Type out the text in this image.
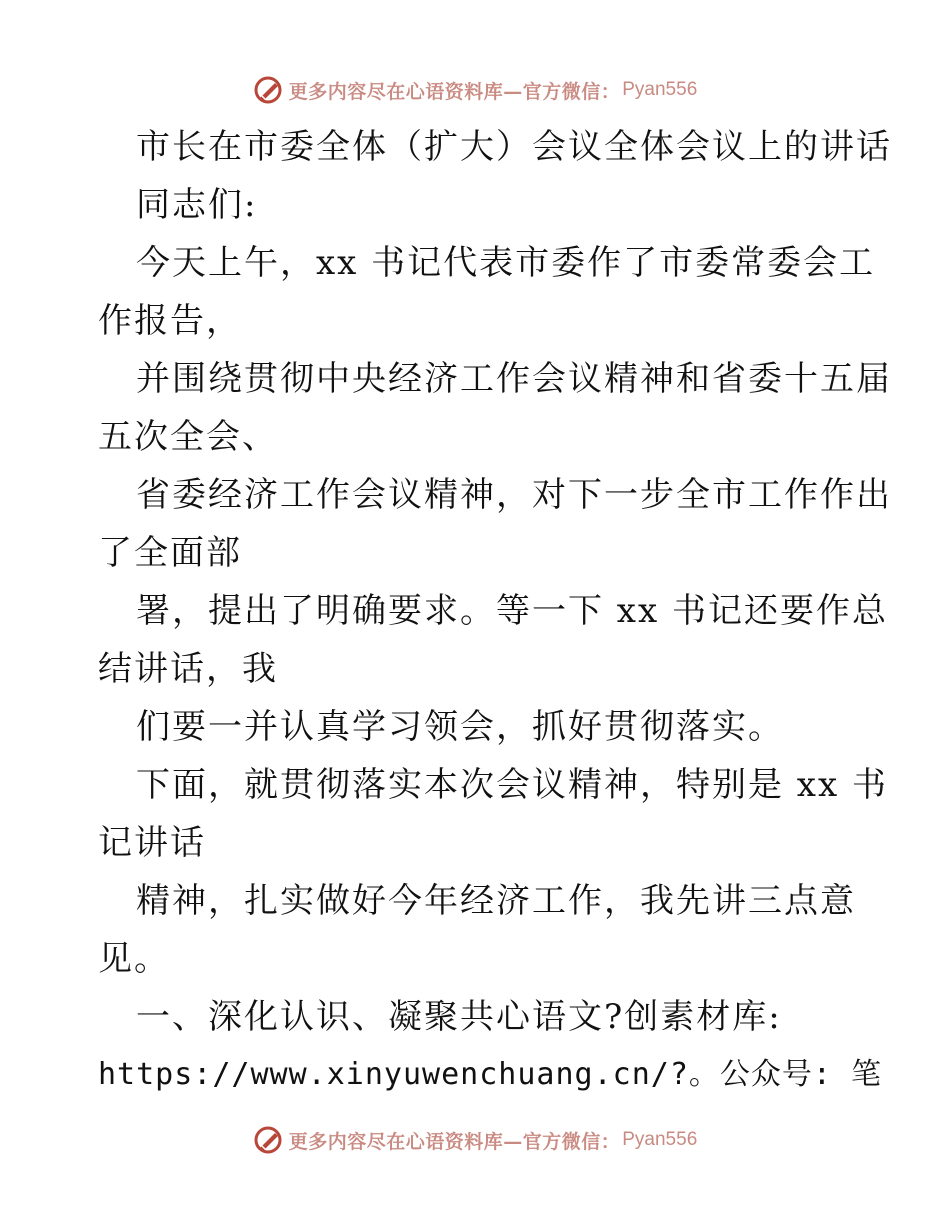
更多内容尽在心语资料库—官方微信： Pyan556
市长在市委全体（扩大）会议全体会议上的讲话
同志们:
今天上午，xx 书记代表市委作了市委常委会工
作报告，
并围绕贯彻中央经济工作会议精神和省委十五届
五次全会、
省委经济工作会议精神，对下一步全市工作作出
了全面部
署，提出了明确要求。等一下 xx 书记还要作总
结讲话，我
们要一并认真学习领会，抓好贯彻落实。
下面，就贯彻落实本次会议精神，特别是 xx 书
记讲话
精神，扎实做好今年经济工作，我先讲三点意
见。
一、深化认识、凝聚共心语文?创素材库:
https://www.xinyuwenchuang.cn/?。公众号: 笔
更多内容尽在心语资料库—官方微信： Pyan556
